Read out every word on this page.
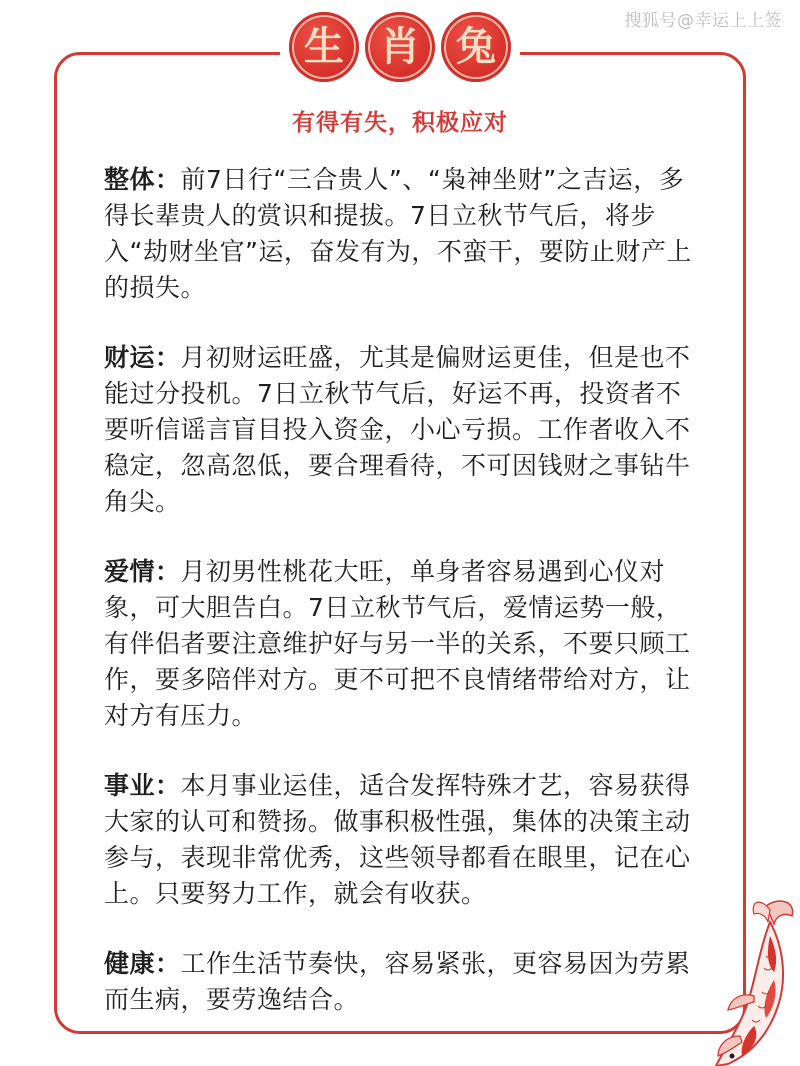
搜狐号@幸运上上签
生 肖 兔
有得有失，积极应对

整体：前7日行“三合贵人”、“枭神坐财”之吉运，多得长辈贵人的赏识和提拔。7日立秋节气后，将步入“劫财坐官”运，奋发有为，不蛮干，要防止财产上的损失。

财运：月初财运旺盛，尤其是偏财运更佳，但是也不能过分投机。7日立秋节气后，好运不再，投资者不要听信谣言盲目投入资金，小心亏损。工作者收入不稳定，忽高忽低，要合理看待，不可因钱财之事钻牛角尖。

爱情：月初男性桃花大旺，单身者容易遇到心仪对象，可大胆告白。7日立秋节气后，爱情运势一般，有伴侣者要注意维护好与另一半的关系，不要只顾工作，要多陪伴对方。更不可把不良情绪带给对方，让对方有压力。

事业：本月事业运佳，适合发挥特殊才艺，容易获得大家的认可和赞扬。做事积极性强，集体的决策主动参与，表现非常优秀，这些领导都看在眼里，记在心上。只要努力工作，就会有收获。

健康：工作生活节奏快，容易紧张，更容易因为劳累而生病，要劳逸结合。
